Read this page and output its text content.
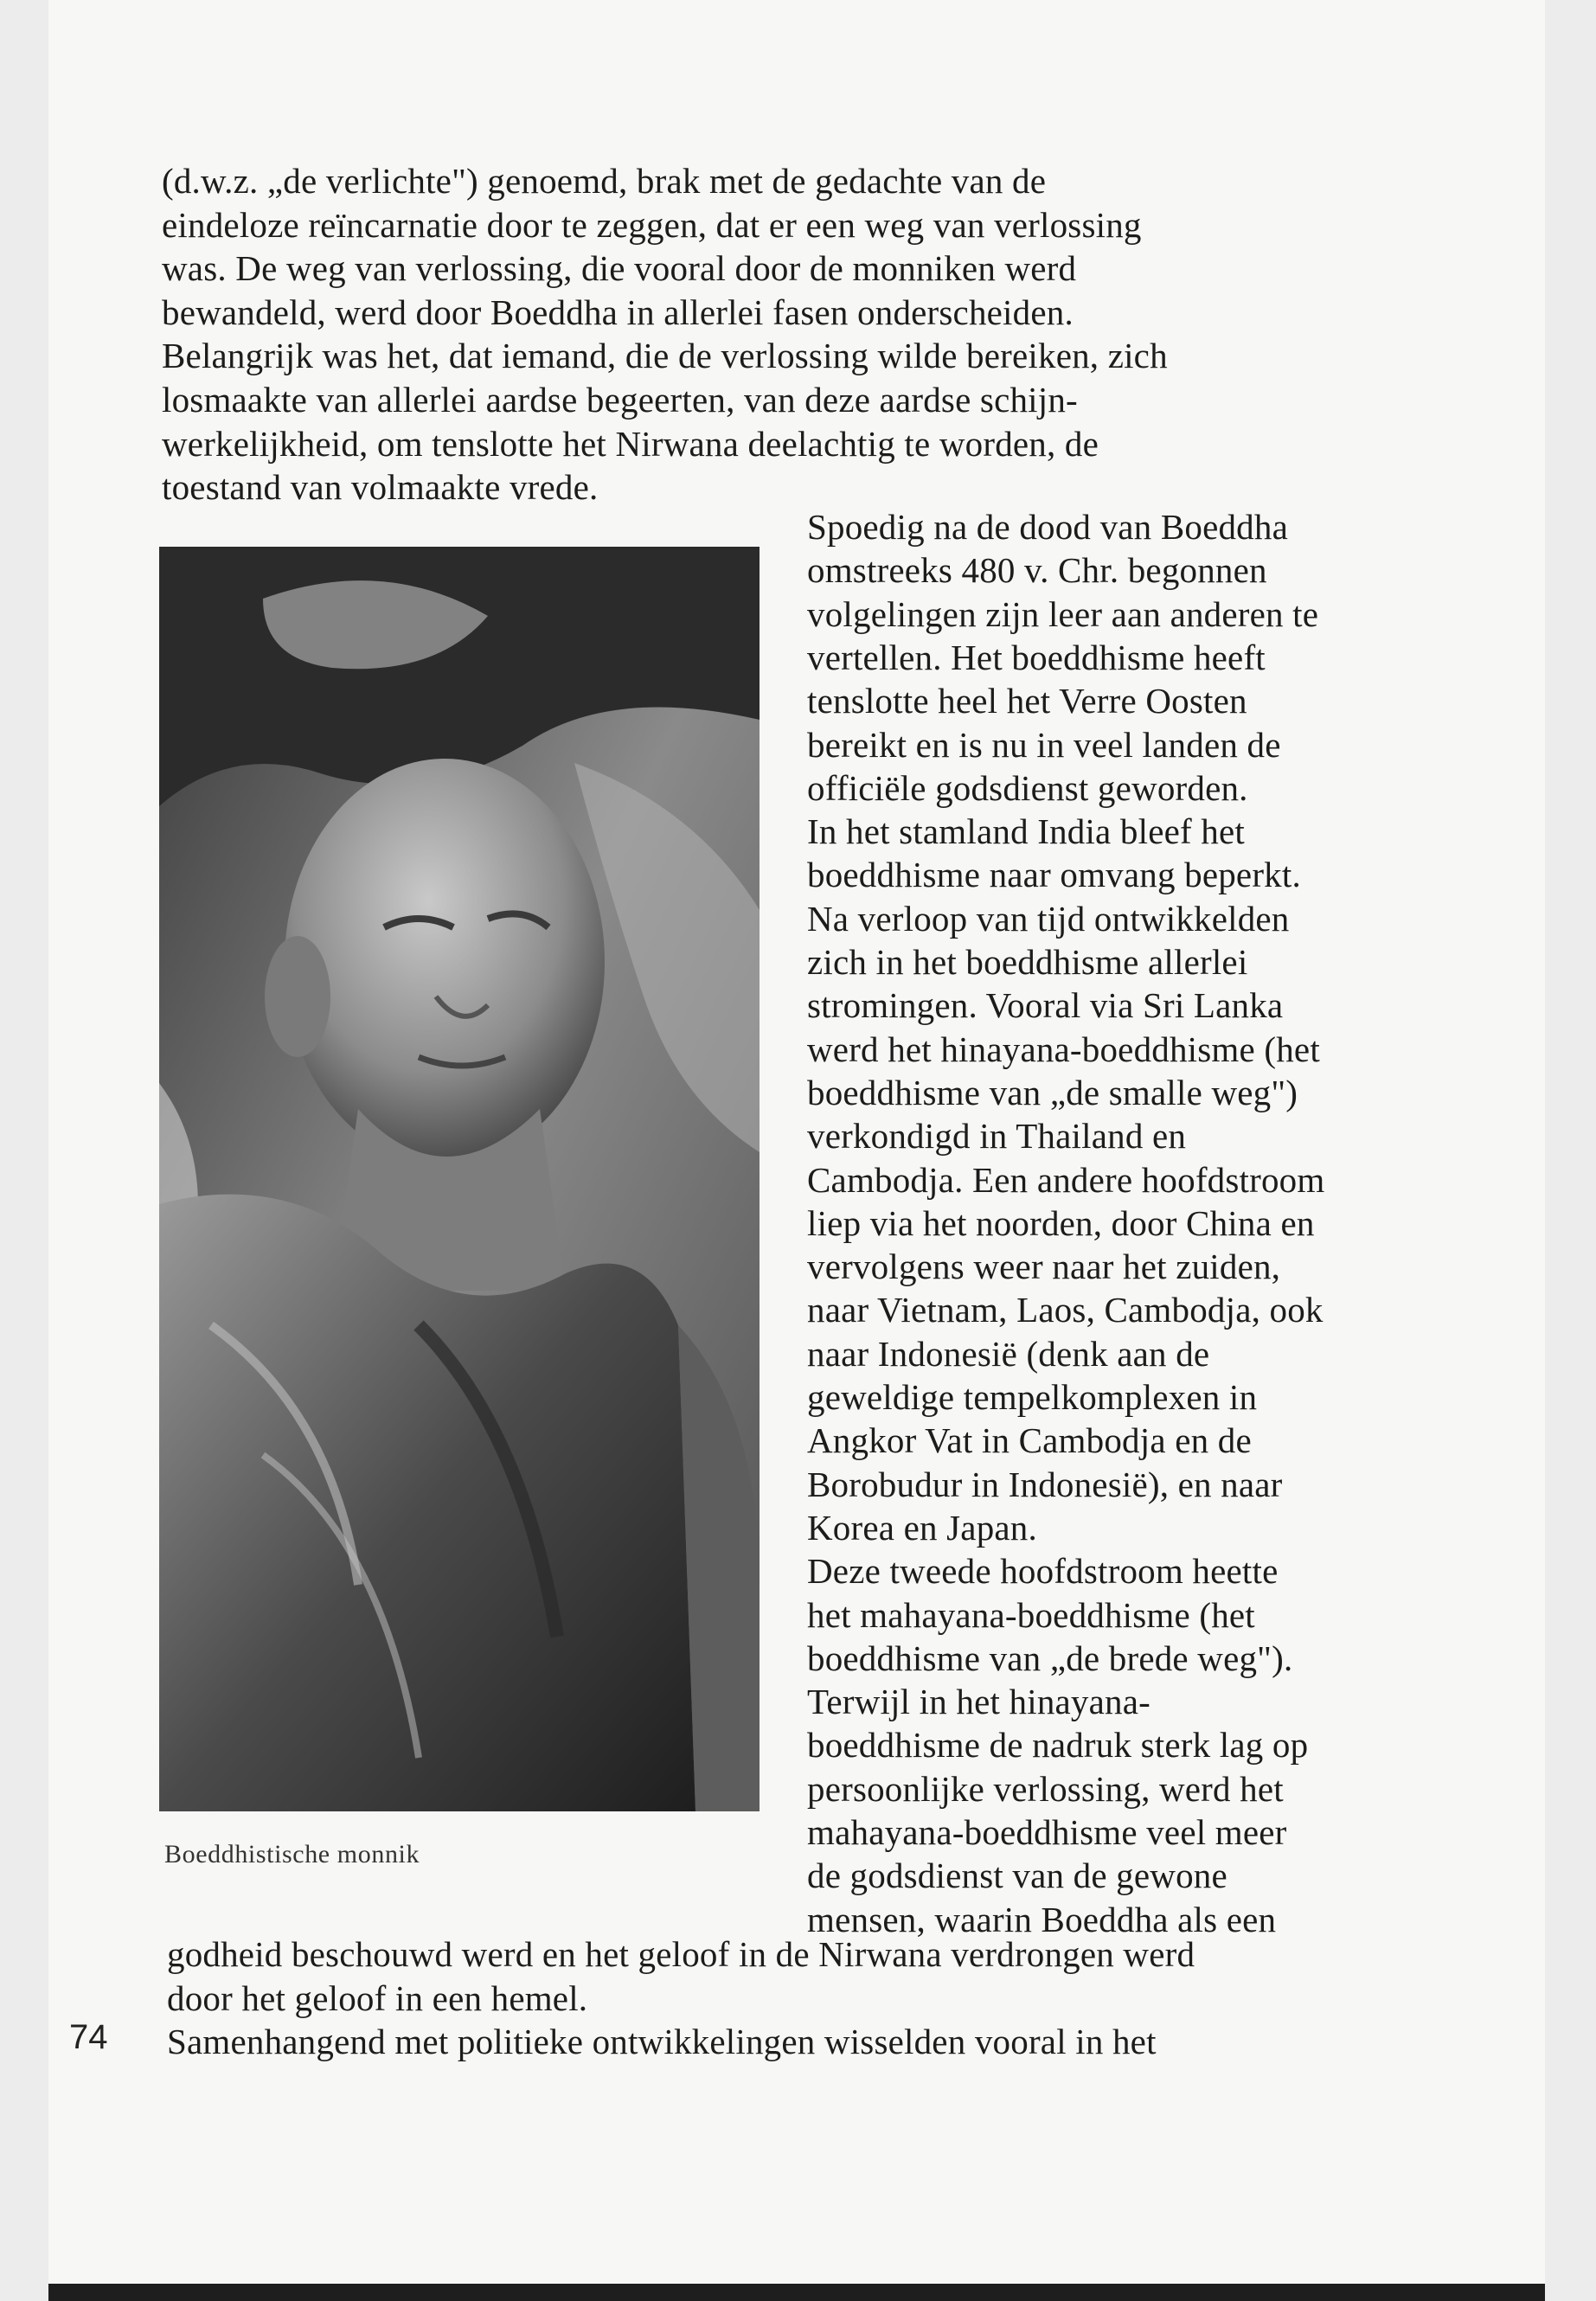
(d.w.z. „de verlichte") genoemd, brak met de gedachte van de
eindeloze reïncarnatie door te zeggen, dat er een weg van verlossing
was. De weg van verlossing, die vooral door de monniken werd
bewandeld, werd door Boeddha in allerlei fasen onderscheiden.
Belangrijk was het, dat iemand, die de verlossing wilde bereiken, zich
losmaakte van allerlei aardse begeerten, van deze aardse schijn-
werkelijkheid, om tenslotte het Nirwana deelachtig te worden, de
toestand van volmaakte vrede.
Spoedig na de dood van Boeddha
omstreeks 480 v. Chr. begonnen
volgelingen zijn leer aan anderen te
vertellen. Het boeddhisme heeft
tenslotte heel het Verre Oosten
bereikt en is nu in veel landen de
officiële godsdienst geworden.
In het stamland India bleef het
boeddhisme naar omvang beperkt.
Na verloop van tijd ontwikkelden
zich in het boeddhisme allerlei
stromingen. Vooral via Sri Lanka
werd het hinayana-boeddhisme (het
boeddhisme van „de smalle weg")
verkondigd in Thailand en
Cambodja. Een andere hoofdstroom
liep via het noorden, door China en
vervolgens weer naar het zuiden,
naar Vietnam, Laos, Cambodja, ook
naar Indonesië (denk aan de
geweldige tempelkomplexen in
Angkor Vat in Cambodja en de
Borobudur in Indonesië), en naar
Korea en Japan.
Deze tweede hoofdstroom heette
het mahayana-boeddhisme (het
boeddhisme van „de brede weg").
Terwijl in het hinayana-
boeddhisme de nadruk sterk lag op
persoonlijke verlossing, werd het
mahayana-boeddhisme veel meer
de godsdienst van de gewone
mensen, waarin Boeddha als een
godheid beschouwd werd en het geloof in de Nirwana verdrongen werd
door het geloof in een hemel.
Samenhangend met politieke ontwikkelingen wisselden vooral in het
Boeddhistische monnik
74
